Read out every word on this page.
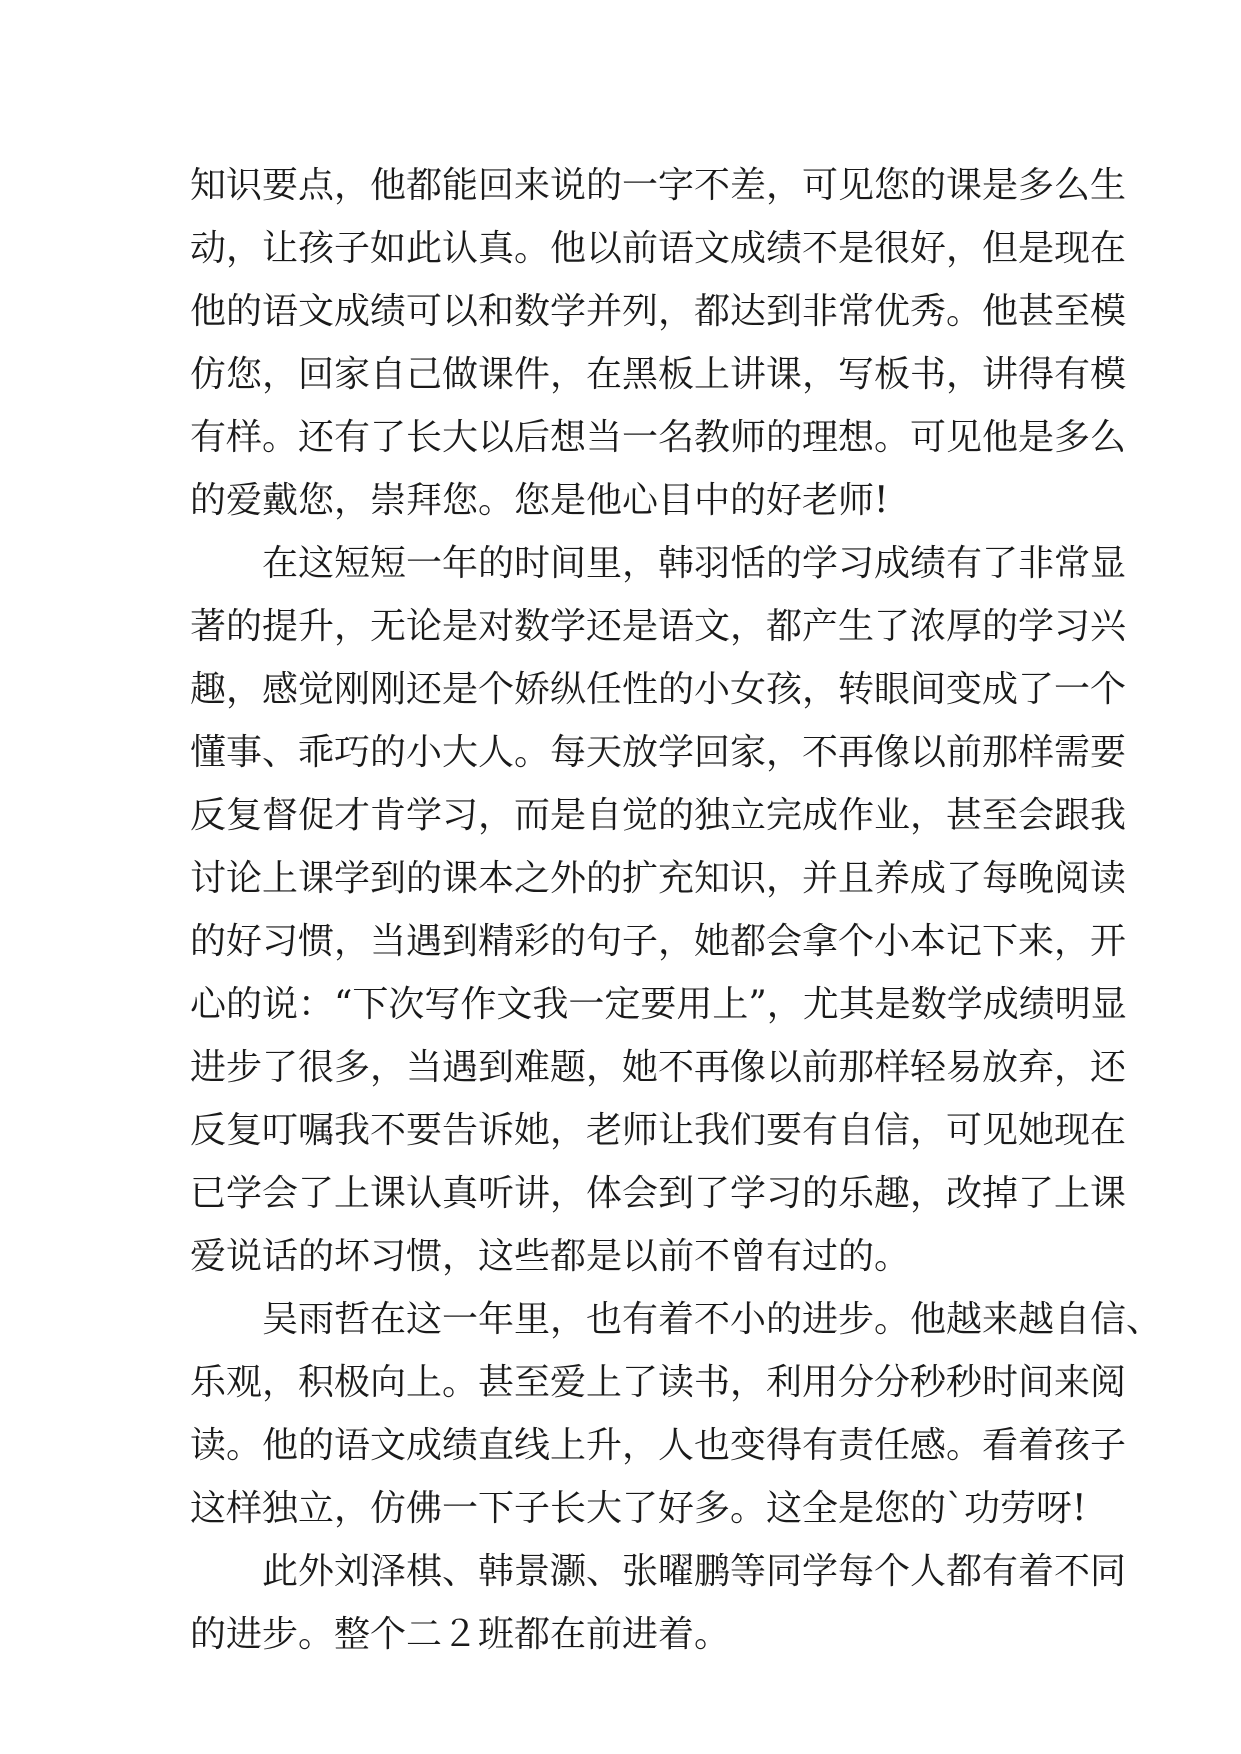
知识要点，他都能回来说的一字不差，可见您的课是多么生
动，让孩子如此认真。他以前语文成绩不是很好，但是现在
他的语文成绩可以和数学并列，都达到非常优秀。他甚至模
仿您，回家自己做课件，在黑板上讲课，写板书，讲得有模
有样。还有了长大以后想当一名教师的理想。可见他是多么
的爱戴您，崇拜您。您是他心目中的好老师!
在这短短一年的时间里，韩羽恬的学习成绩有了非常显
著的提升，无论是对数学还是语文，都产生了浓厚的学习兴
趣，感觉刚刚还是个娇纵任性的小女孩，转眼间变成了一个
懂事、乖巧的小大人。每天放学回家，不再像以前那样需要
反复督促才肯学习，而是自觉的独立完成作业，甚至会跟我
讨论上课学到的课本之外的扩充知识，并且养成了每晚阅读
的好习惯，当遇到精彩的句子，她都会拿个小本记下来，开
心的说：“下次写作文我一定要用上”，尤其是数学成绩明显
进步了很多，当遇到难题，她不再像以前那样轻易放弃，还
反复叮嘱我不要告诉她，老师让我们要有自信，可见她现在
已学会了上课认真听讲，体会到了学习的乐趣，改掉了上课
爱说话的坏习惯，这些都是以前不曾有过的。
吴雨哲在这一年里，也有着不小的进步。他越来越自信、
乐观，积极向上。甚至爱上了读书，利用分分秒秒时间来阅
读。他的语文成绩直线上升，人也变得有责任感。看着孩子
这样独立，仿佛一下子长大了好多。这全是您的`功劳呀!
此外刘泽棋、韩景灏、张曜鹏等同学每个人都有着不同
的进步。整个二２班都在前进着。
